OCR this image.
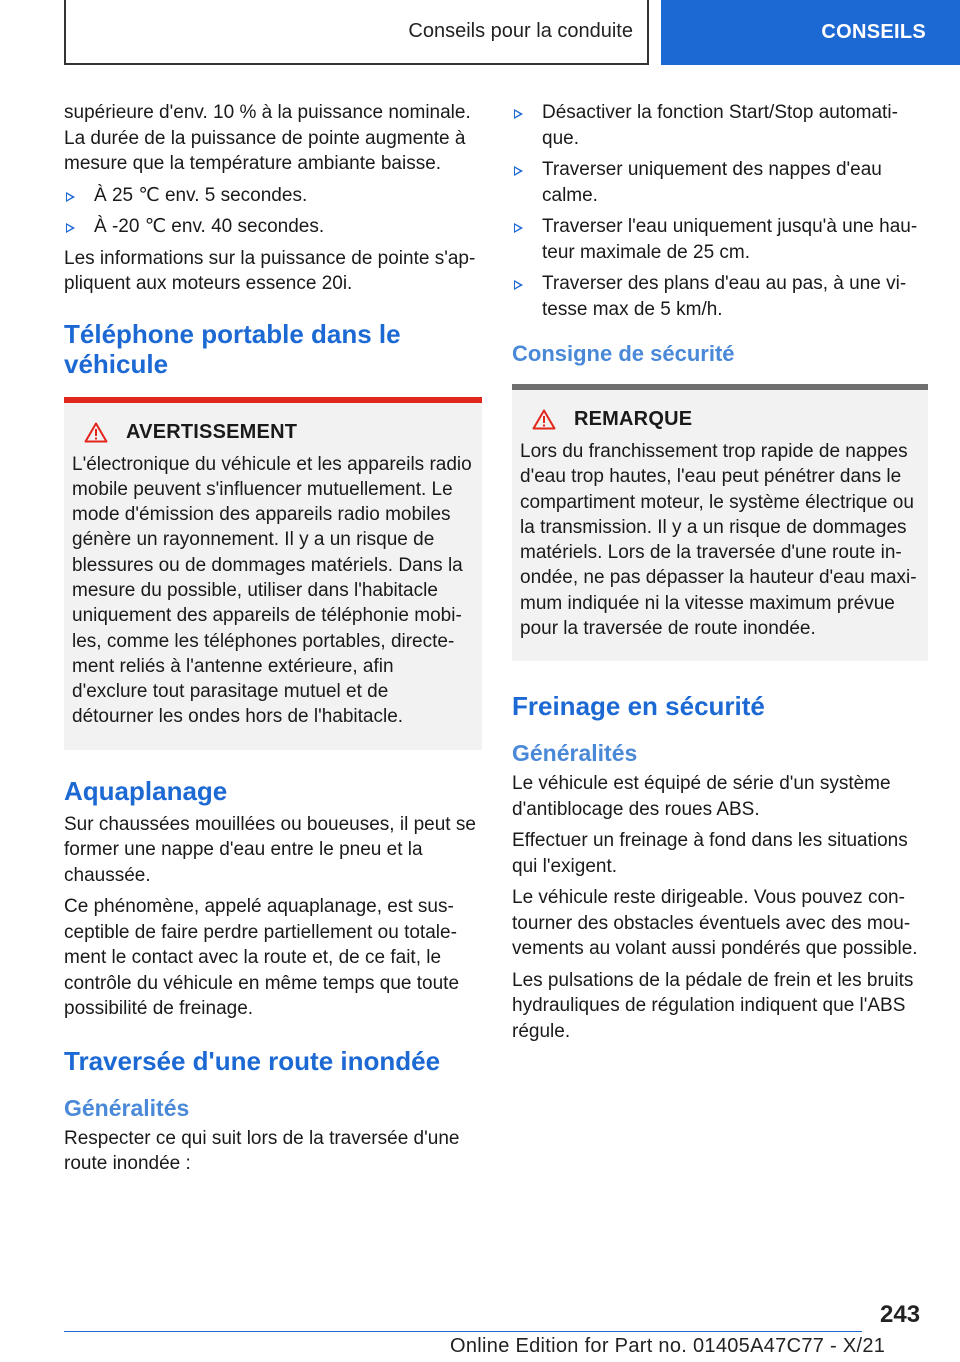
Conseils pour la conduite	CONSEILS

supérieure d'env. 10 % à la puissance nominale. La durée de la puissance de pointe augmente à mesure que la température ambiante baisse.

À 25 ℃ env. 5 secondes.
À -20 ℃ env. 40 secondes.

Les informations sur la puissance de pointe s'appliquent aux moteurs essence 20i.

Téléphone portable dans le véhicule
AVERTISSEMENT

L'électronique du véhicule et les appareils radio mobile peuvent s'influencer mutuellement. Le mode d'émission des appareils radio mobiles génère un rayonnement. Il y a un risque de blessures ou de dommages matériels. Dans la mesure du possible, utiliser dans l'habitacle uniquement des appareils de téléphonie mobiles, comme les téléphones portables, directement reliés à l'antenne extérieure, afin d'exclure tout parasitage mutuel et de détourner les ondes hors de l'habitacle.

Aquaplanage

Sur chaussées mouillées ou boueuses, il peut se former une nappe d'eau entre le pneu et la chaussée.

Ce phénomène, appelé aquaplanage, est susceptible de faire perdre partiellement ou totalement le contact avec la route et, de ce fait, le contrôle du véhicule en même temps que toute possibilité de freinage.

Traversée d'une route inondée
Généralités

Respecter ce qui suit lors de la traversée d'une route inondée :

Désactiver la fonction Start/Stop automatique.
Traverser uniquement des nappes d'eau calme.
Traverser l'eau uniquement jusqu'à une hauteur maximale de 25 cm.
Traverser des plans d'eau au pas, à une vitesse max de 5 km/h.
Consigne de sécurité
REMARQUE

Lors du franchissement trop rapide de nappes d'eau trop hautes, l'eau peut pénétrer dans le compartiment moteur, le système électrique ou la transmission. Il y a un risque de dommages matériels. Lors de la traversée d'une route inondée, ne pas dépasser la hauteur d'eau maximum indiquée ni la vitesse maximum prévue pour la traversée de route inondée.

Freinage en sécurité
Généralités

Le véhicule est équipé de série d'un système d'antiblocage des roues ABS.

Effectuer un freinage à fond dans les situations qui l'exigent.

Le véhicule reste dirigeable. Vous pouvez contourner des obstacles éventuels avec des mouvements au volant aussi pondérés que possible.

Les pulsations de la pédale de frein et les bruits hydrauliques de régulation indiquent que l'ABS régule.

243
Online Edition for Part no. 01405A47C77 - X/21
